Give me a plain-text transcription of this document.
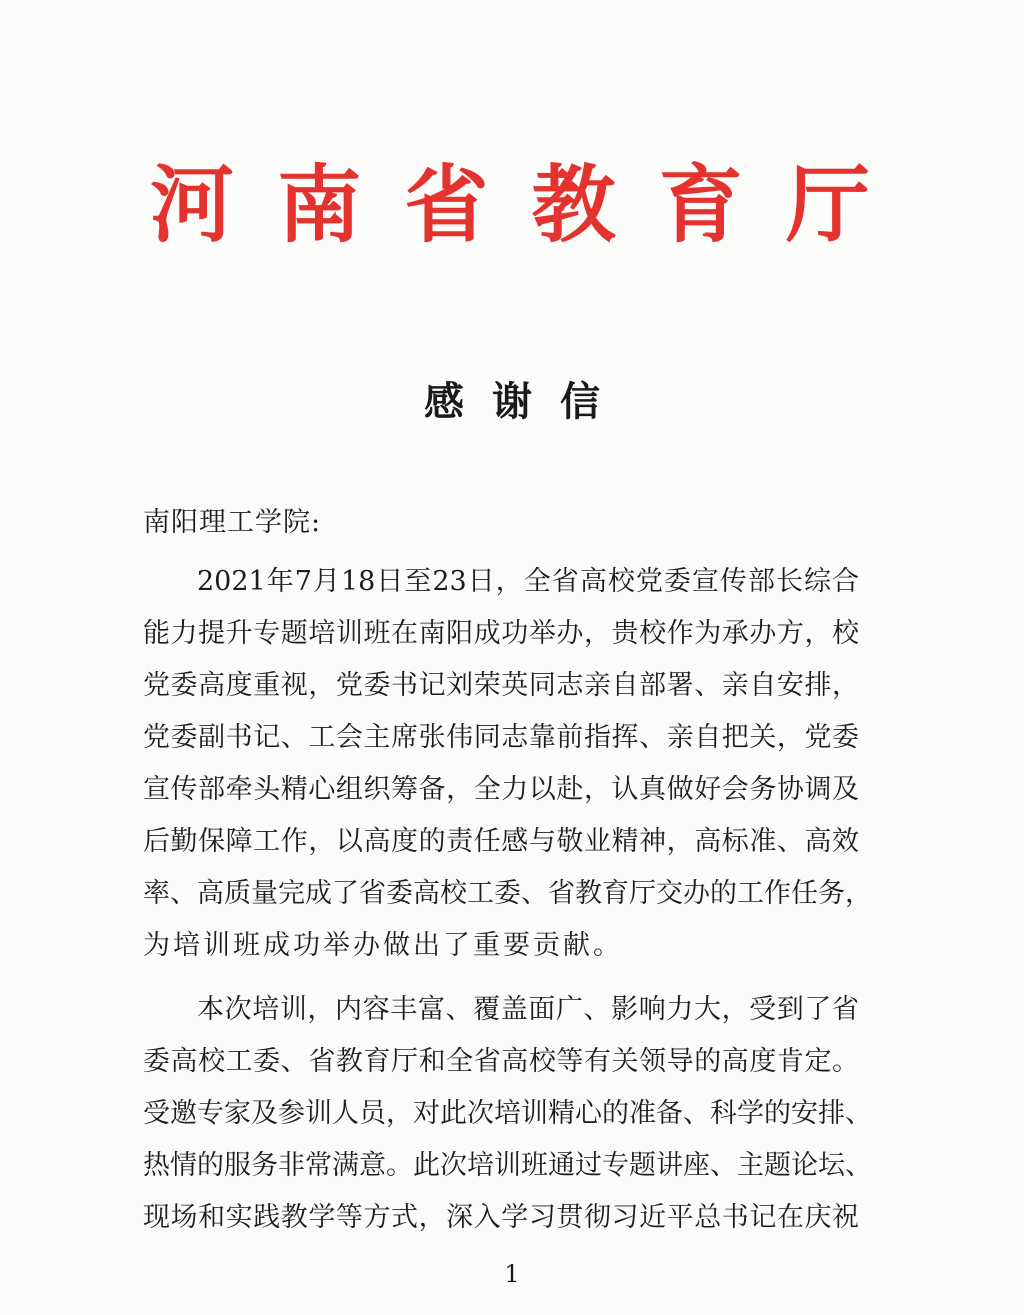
河 南 省 教 育 厅
感谢信
南阳理工学院:
2021年7月18日至23日，全省高校党委宣传部长综合
能力提升专题培训班在南阳成功举办，贵校作为承办方，校
党委高度重视，党委书记刘荣英同志亲自部署、亲自安排，
党委副书记、工会主席张伟同志靠前指挥、亲自把关，党委
宣传部牵头精心组织筹备，全力以赴，认真做好会务协调及
后勤保障工作，以高度的责任感与敬业精神，高标准、高效
率、高质量完成了省委高校工委、省教育厅交办的工作任务，
为培训班成功举办做出了重要贡献。
本次培训，内容丰富、覆盖面广、影响力大，受到了省
委高校工委、省教育厅和全省高校等有关领导的高度肯定。
受邀专家及参训人员，对此次培训精心的准备、科学的安排、
热情的服务非常满意。此次培训班通过专题讲座、主题论坛、
现场和实践教学等方式，深入学习贯彻习近平总书记在庆祝
1
